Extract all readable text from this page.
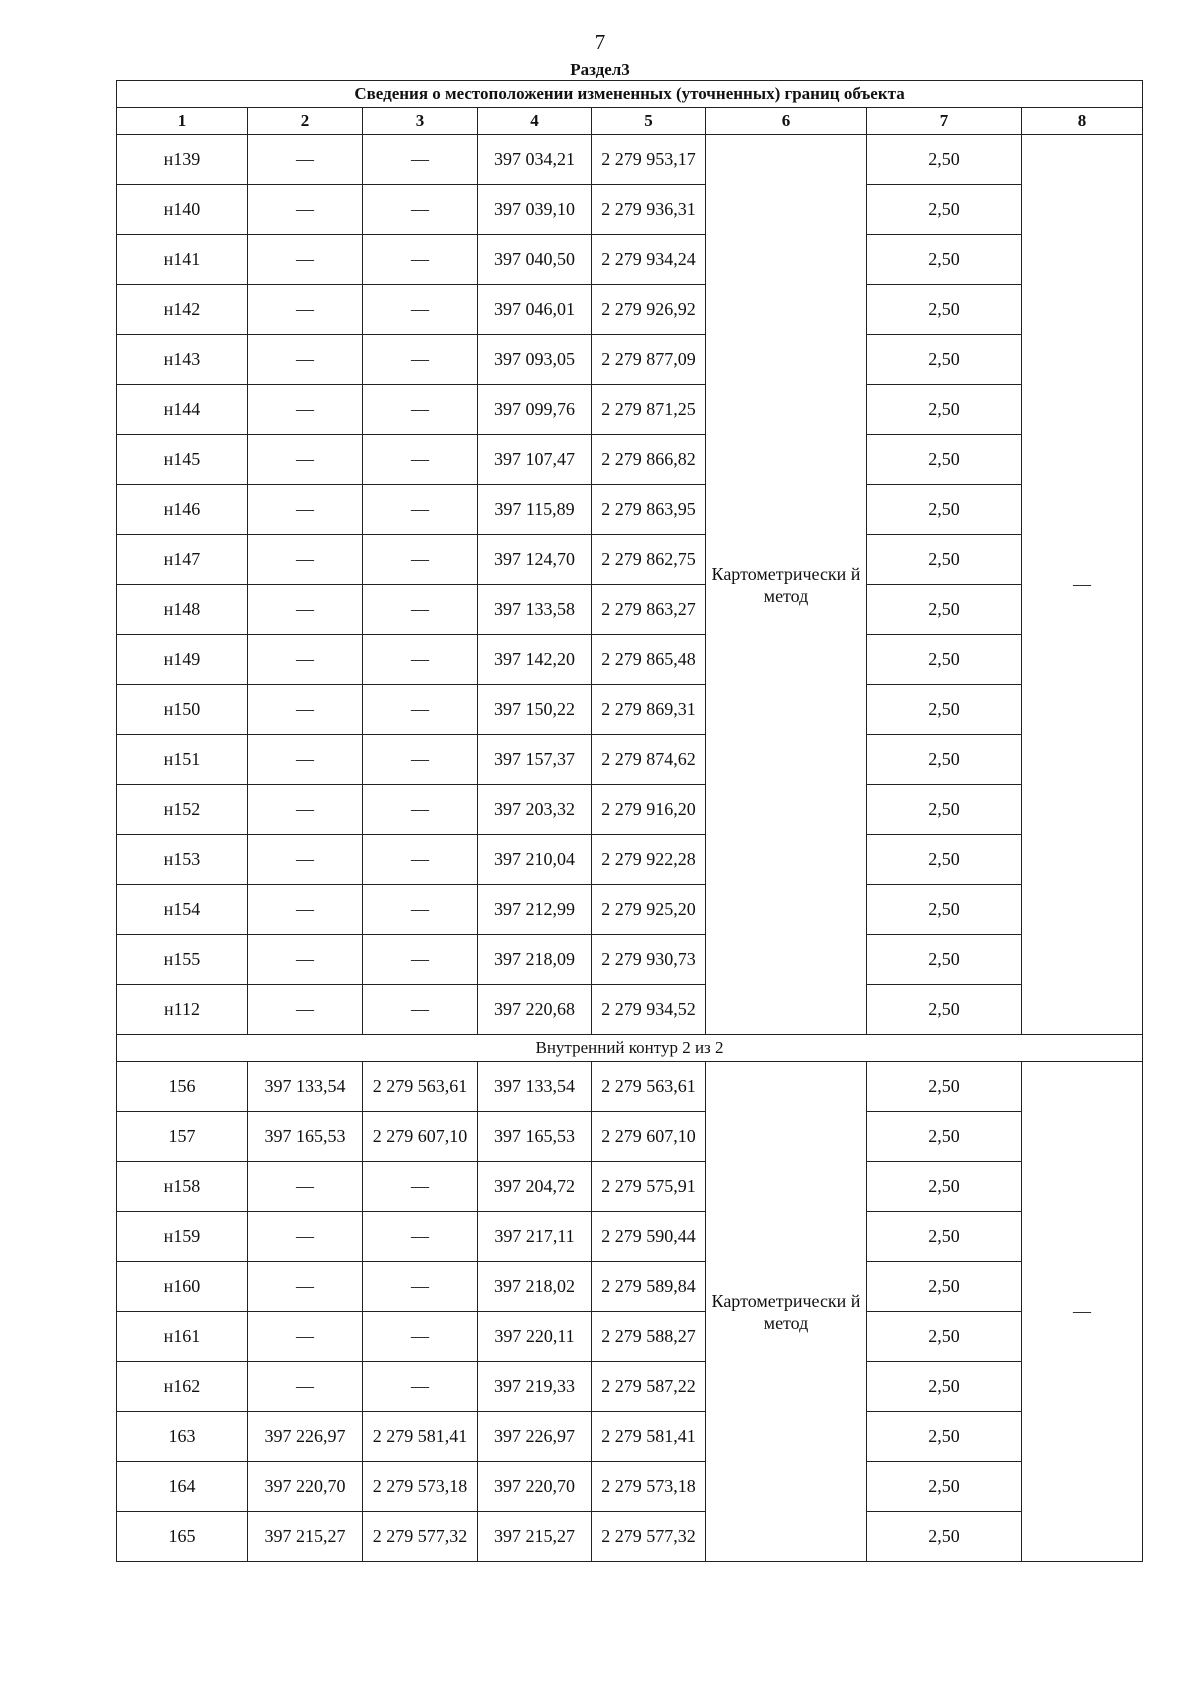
7
Раздел3
Сведения о местоположении измененных (уточненных) границ объекта							
1	2	3	4	5	6	7	8
н139	—	—	397 034,21	2 279 953,17	Картометрически й метод	2,50	—
н140	—	—	397 039,10	2 279 936,31		2,50	
н141	—	—	397 040,50	2 279 934,24		2,50	
н142	—	—	397 046,01	2 279 926,92		2,50	
н143	—	—	397 093,05	2 279 877,09		2,50	
н144	—	—	397 099,76	2 279 871,25		2,50	
н145	—	—	397 107,47	2 279 866,82		2,50	
н146	—	—	397 115,89	2 279 863,95		2,50	
н147	—	—	397 124,70	2 279 862,75		2,50	
н148	—	—	397 133,58	2 279 863,27		2,50	
н149	—	—	397 142,20	2 279 865,48		2,50	
н150	—	—	397 150,22	2 279 869,31		2,50	
н151	—	—	397 157,37	2 279 874,62		2,50	
н152	—	—	397 203,32	2 279 916,20		2,50	
н153	—	—	397 210,04	2 279 922,28		2,50	
н154	—	—	397 212,99	2 279 925,20		2,50	
н155	—	—	397 218,09	2 279 930,73		2,50	
н112	—	—	397 220,68	2 279 934,52		2,50	
Внутренний контур 2 из 2							
156	397 133,54	2 279 563,61	397 133,54	2 279 563,61	Картометрически й метод	2,50	—
157	397 165,53	2 279 607,10	397 165,53	2 279 607,10		2,50	
н158	—	—	397 204,72	2 279 575,91		2,50	
н159	—	—	397 217,11	2 279 590,44		2,50	
н160	—	—	397 218,02	2 279 589,84		2,50	
н161	—	—	397 220,11	2 279 588,27		2,50	
н162	—	—	397 219,33	2 279 587,22		2,50	
163	397 226,97	2 279 581,41	397 226,97	2 279 581,41		2,50	
164	397 220,70	2 279 573,18	397 220,70	2 279 573,18		2,50	
165	397 215,27	2 279 577,32	397 215,27	2 279 577,32		2,50	
